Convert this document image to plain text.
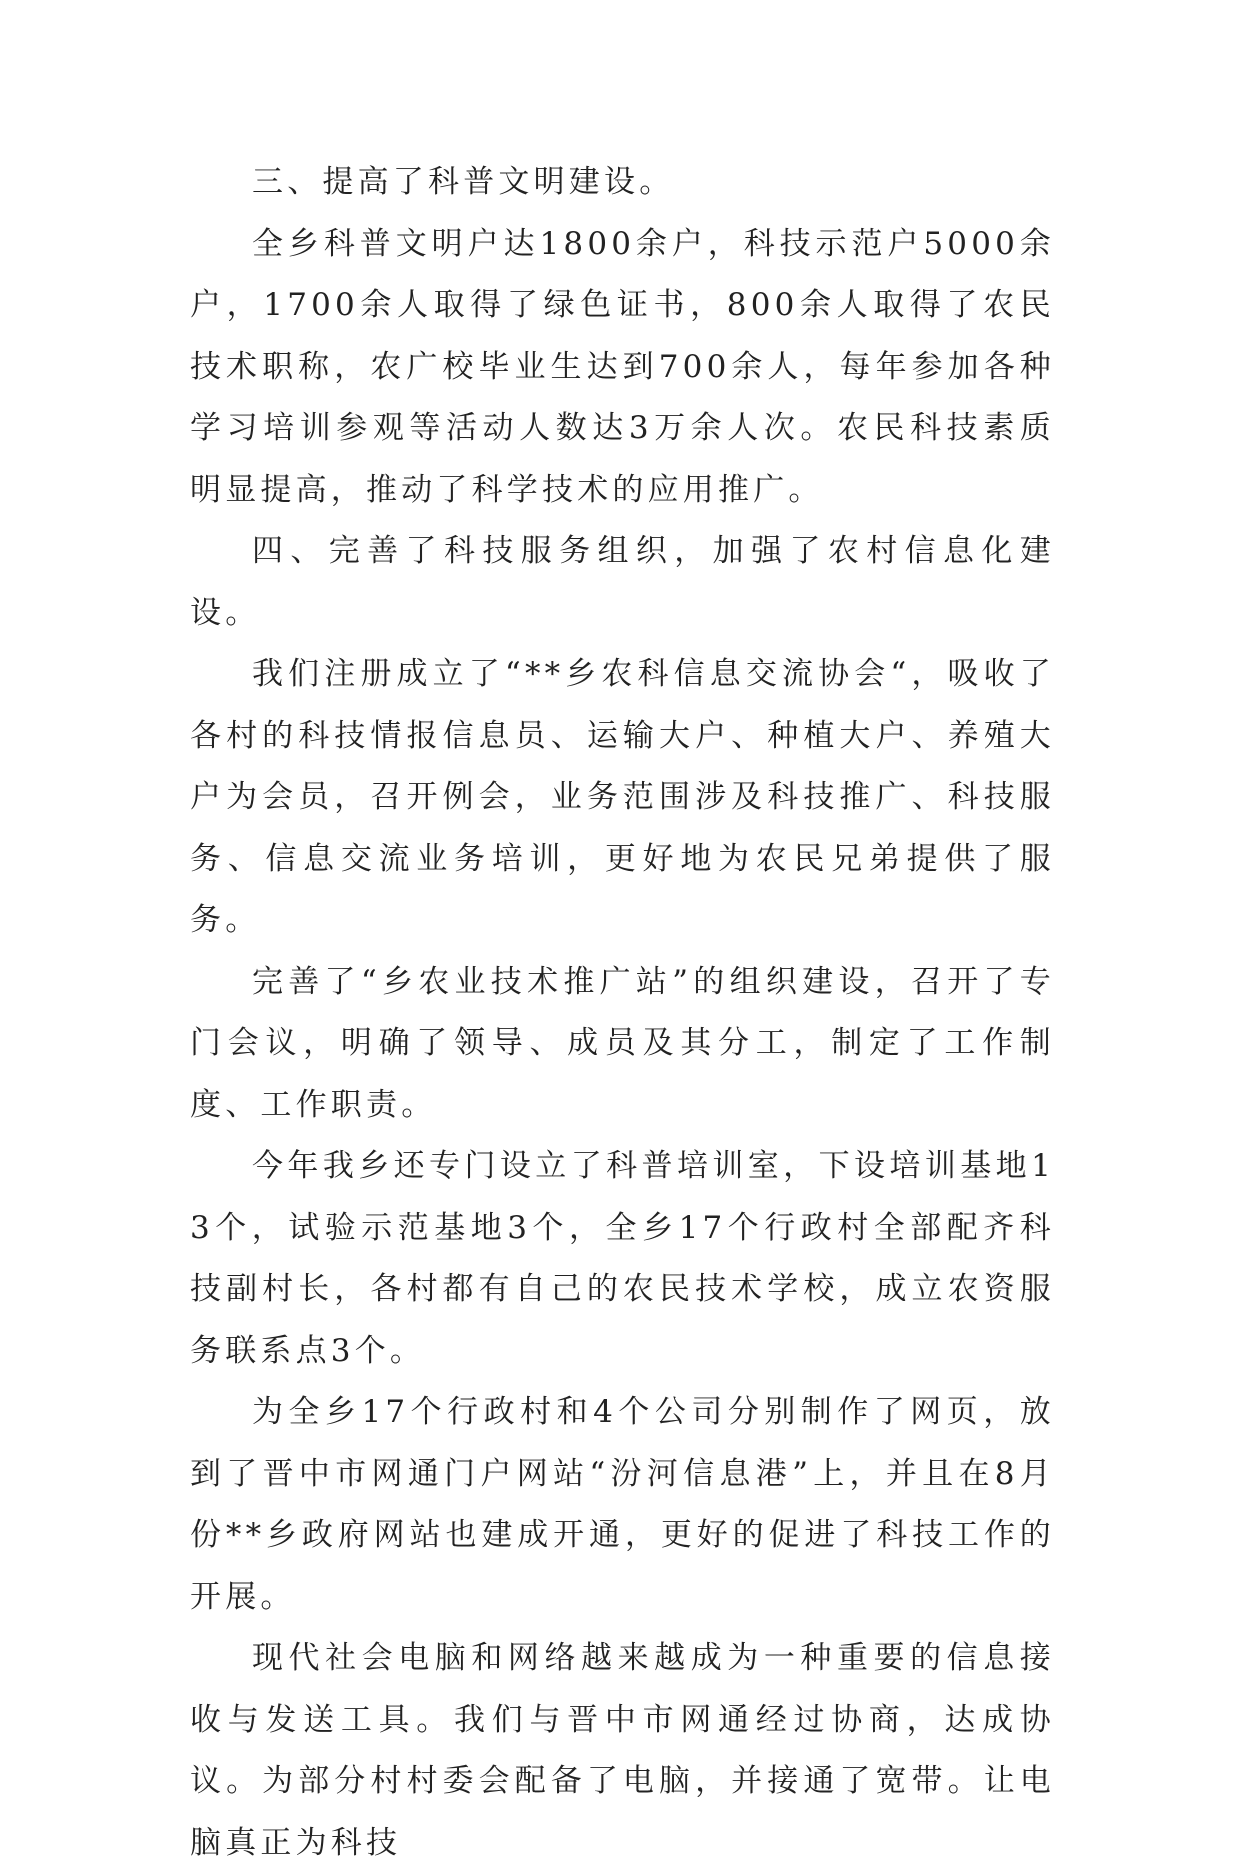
三、提高了科普文明建设。

全乡科普文明户达1800余户，科技示范户5000余户，1700余人取得了绿色证书，800余人取得了农民技术职称，农广校毕业生达到700余人，每年参加各种学习培训参观等活动人数达3万余人次。农民科技素质明显提高，推动了科学技术的应用推广。

四、完善了科技服务组织，加强了农村信息化建设。

我们注册成立了“**乡农科信息交流协会“，吸收了各村的科技情报信息员、运输大户、种植大户、养殖大户为会员，召开例会，业务范围涉及科技推广、科技服务、信息交流业务培训，更好地为农民兄弟提供了服务。

完善了“乡农业技术推广站”的组织建设，召开了专门会议，明确了领导、成员及其分工，制定了工作制度、工作职责。

今年我乡还专门设立了科普培训室，下设培训基地13个，试验示范基地3个，全乡17个行政村全部配齐科技副村长，各村都有自己的农民技术学校，成立农资服务联系点3个。

为全乡17个行政村和4个公司分别制作了网页，放到了晋中市网通门户网站“汾河信息港”上，并且在8月份**乡政府网站也建成开通，更好的促进了科技工作的开展。

现代社会电脑和网络越来越成为一种重要的信息接收与发送工具。我们与晋中市网通经过协商，达成协议。为部分村村委会配备了电脑，并接通了宽带。让电脑真正为科技
